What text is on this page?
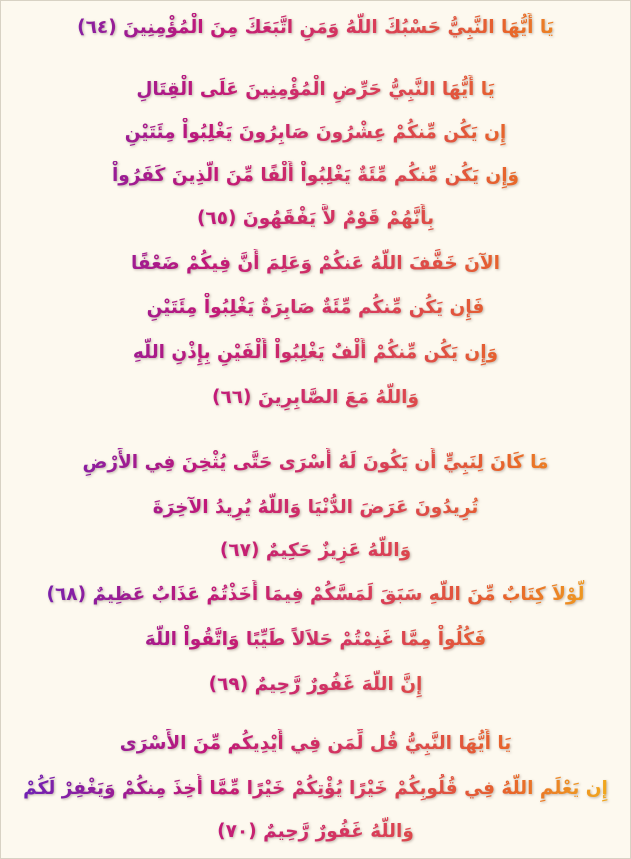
يَا أَيُّهَا النَّبِيُّ حَسْبُكَ اللّهُ وَمَنِ اتَّبَعَكَ مِنَ الْمُؤْمِنِينَ (٦٤)
يَا أَيُّهَا النَّبِيُّ حَرِّضِ الْمُؤْمِنِينَ عَلَى الْقِتَالِ
إِن يَكُن مِّنكُمْ عِشْرُونَ صَابِرُونَ يَغْلِبُواْ مِئَتَيْنِ
وَإِن يَكُن مِّنكُم مِّئَةٌ يَغْلِبُواْ أَلْفًا مِّنَ الَّذِينَ كَفَرُواْ
بِأَنَّهُمْ قَوْمٌ لاَّ يَفْقَهُونَ (٦٥)
الآنَ خَفَّفَ اللّهُ عَنكُمْ وَعَلِمَ أَنَّ فِيكُمْ ضَعْفًا
فَإِن يَكُن مِّنكُم مِّئَةٌ صَابِرَةٌ يَغْلِبُواْ مِئَتَيْنِ
وَإِن يَكُن مِّنكُمْ أَلْفٌ يَغْلِبُواْ أَلْفَيْنِ بِإِذْنِ اللّهِ
وَاللّهُ مَعَ الصَّابِرِينَ (٦٦)
مَا كَانَ لِنَبِيٍّ أَن يَكُونَ لَهُ أَسْرَى حَتَّى يُثْخِنَ فِي الأَرْضِ
تُرِيدُونَ عَرَضَ الدُّنْيَا وَاللّهُ يُرِيدُ الآخِرَةَ
وَاللّهُ عَزِيزٌ حَكِيمٌ (٦٧)
لَّوْلاَ كِتَابٌ مِّنَ اللّهِ سَبَقَ لَمَسَّكُمْ فِيمَا أَخَذْتُمْ عَذَابٌ عَظِيمٌ (٦٨)
فَكُلُواْ مِمَّا غَنِمْتُمْ حَلاَلاً طَيِّبًا وَاتَّقُواْ اللّهَ
إِنَّ اللّهَ غَفُورٌ رَّحِيمٌ (٦٩)
يَا أَيُّهَا النَّبِيُّ قُل لِّمَن فِي أَيْدِيكُم مِّنَ الأَسْرَى
إِن يَعْلَمِ اللّهُ فِي قُلُوبِكُمْ خَيْرًا يُؤْتِكُمْ خَيْرًا مِّمَّا أُخِذَ مِنكُمْ وَيَغْفِرْ لَكُمْ
وَاللّهُ غَفُورٌ رَّحِيمٌ (٧٠)
